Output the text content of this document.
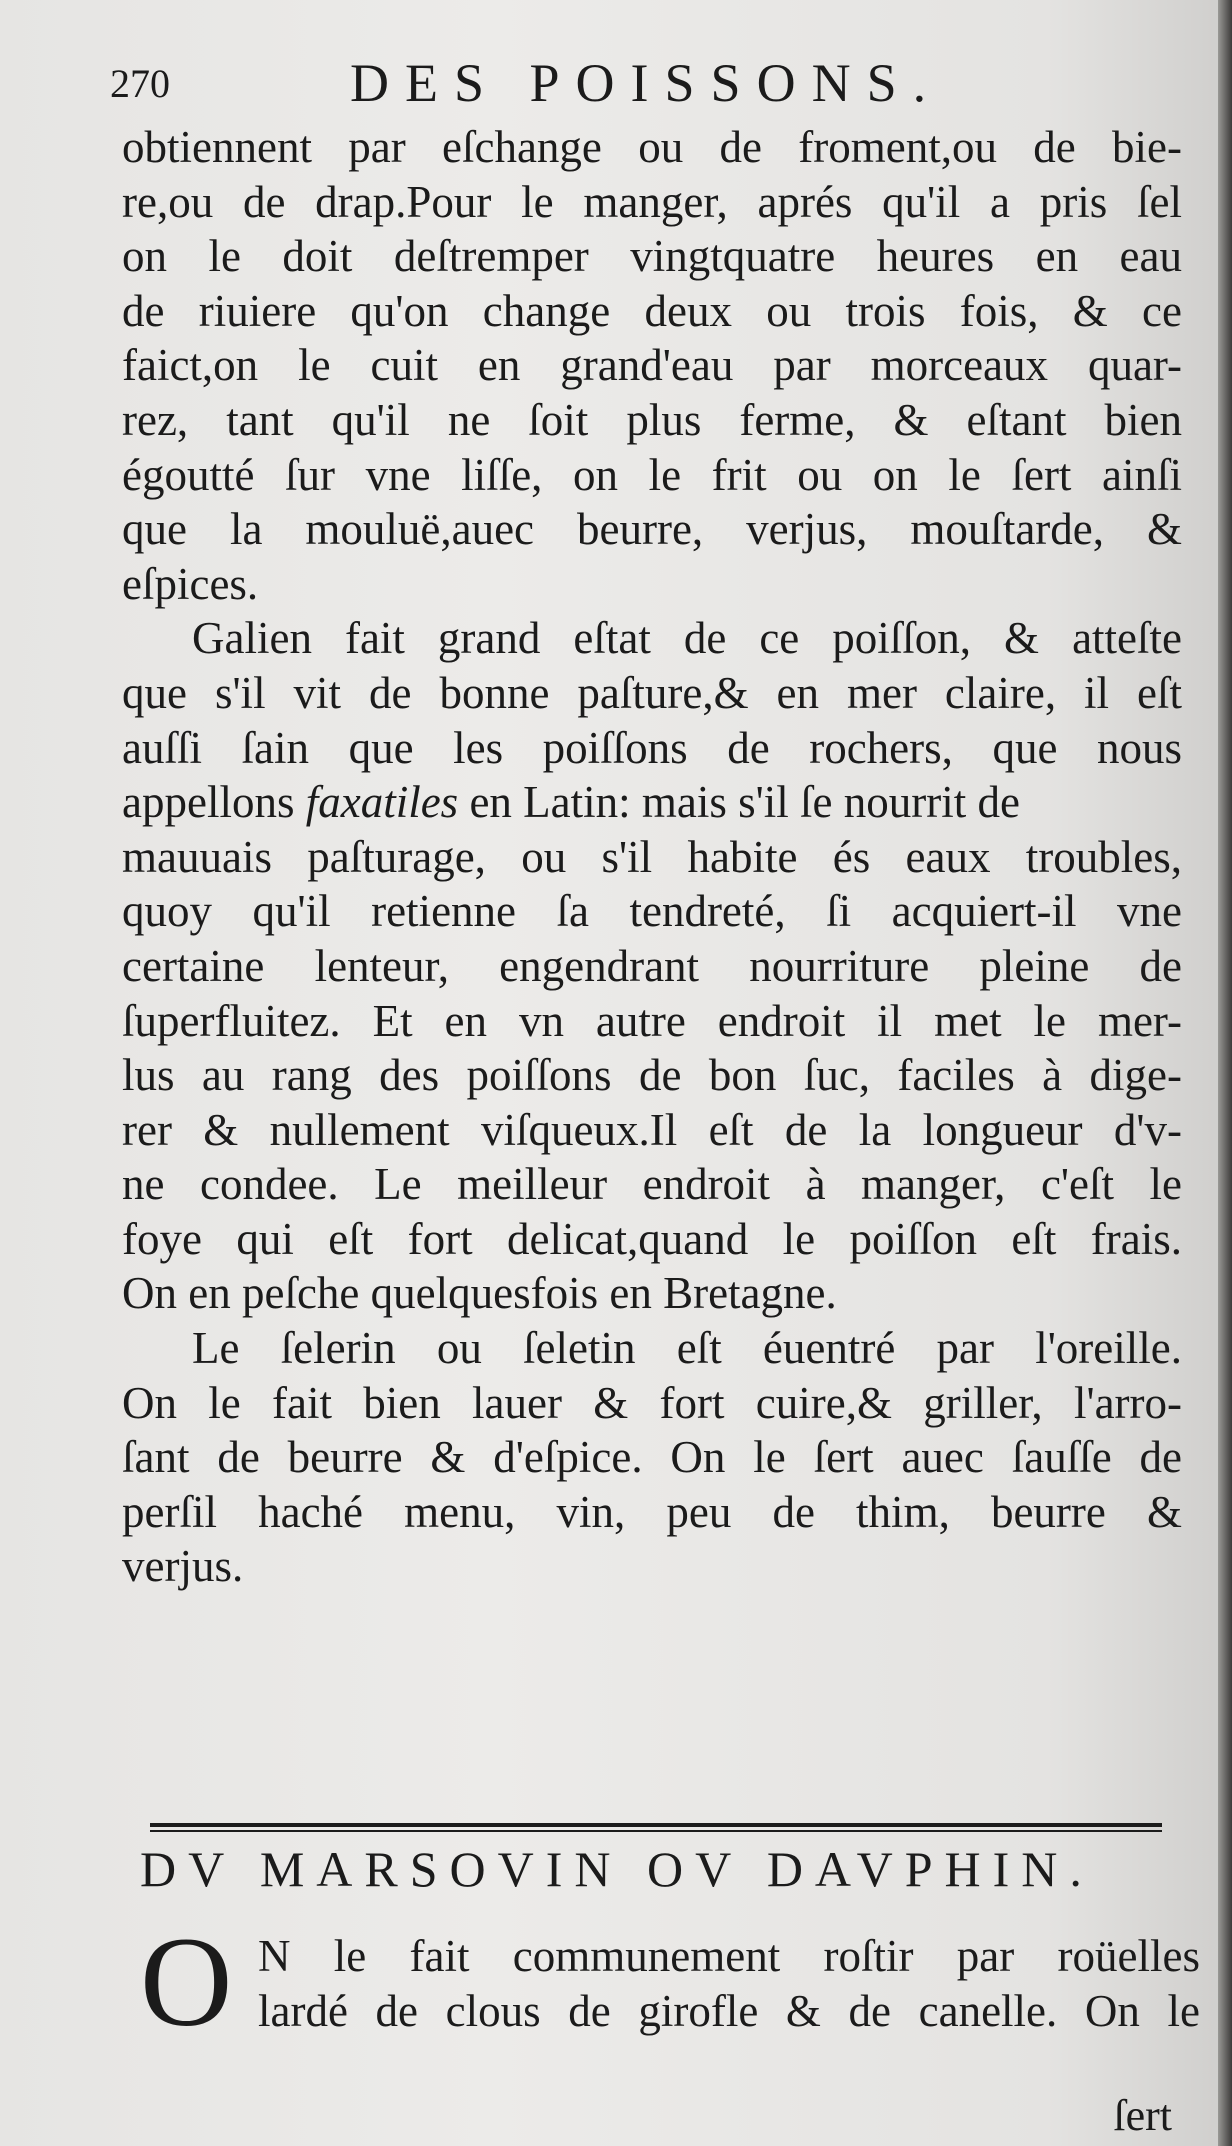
270	DES POISSONS.
obtiennent par eſchange ou de froment,ou de bie-
re,ou de drap.Pour le manger, aprés qu'il a pris ſel
on le doit deſtremper vingtquatre heures en eau
de riuiere qu'on change deux ou trois fois, & ce
faict,on le cuit en grand'eau par morceaux quar-
rez, tant qu'il ne ſoit plus ferme, & eſtant bien
égoutté ſur vne liſſe, on le frit ou on le ſert ainſi
que la mouluë,auec beurre, verjus, mouſtarde, &
eſpices.
Galien fait grand eſtat de ce poiſſon, & atteſte
que s'il vit de bonne paſture,& en mer claire, il eſt
auſſi ſain que les poiſſons de rochers, que nous
appellons faxatiles en Latin: mais s'il ſe nourrit de
mauuais paſturage, ou s'il habite és eaux troubles,
quoy qu'il retienne ſa tendreté, ſi acquiert-il vne
certaine lenteur, engendrant nourriture pleine de
ſuperfluitez. Et en vn autre endroit il met le mer-
lus au rang des poiſſons de bon ſuc, faciles à dige-
rer & nullement viſqueux.Il eſt de la longueur d'v-
ne condee. Le meilleur endroit à manger, c'eſt le
foye qui eſt fort delicat,quand le poiſſon eſt frais.
On en peſche quelquesfois en Bretagne.
Le ſelerin ou ſeletin eſt éuentré par l'oreille.
On le fait bien lauer & fort cuire,& griller, l'arro-
ſant de beurre & d'eſpice. On le ſert auec ſauſſe de
perſil haché menu, vin, peu de thim, beurre &
verjus.
DV MARSOVIN OV DAVPHIN.
O N le fait communement roſtir par roüelles
lardé de clous de girofle & de canelle. On le
ſert
